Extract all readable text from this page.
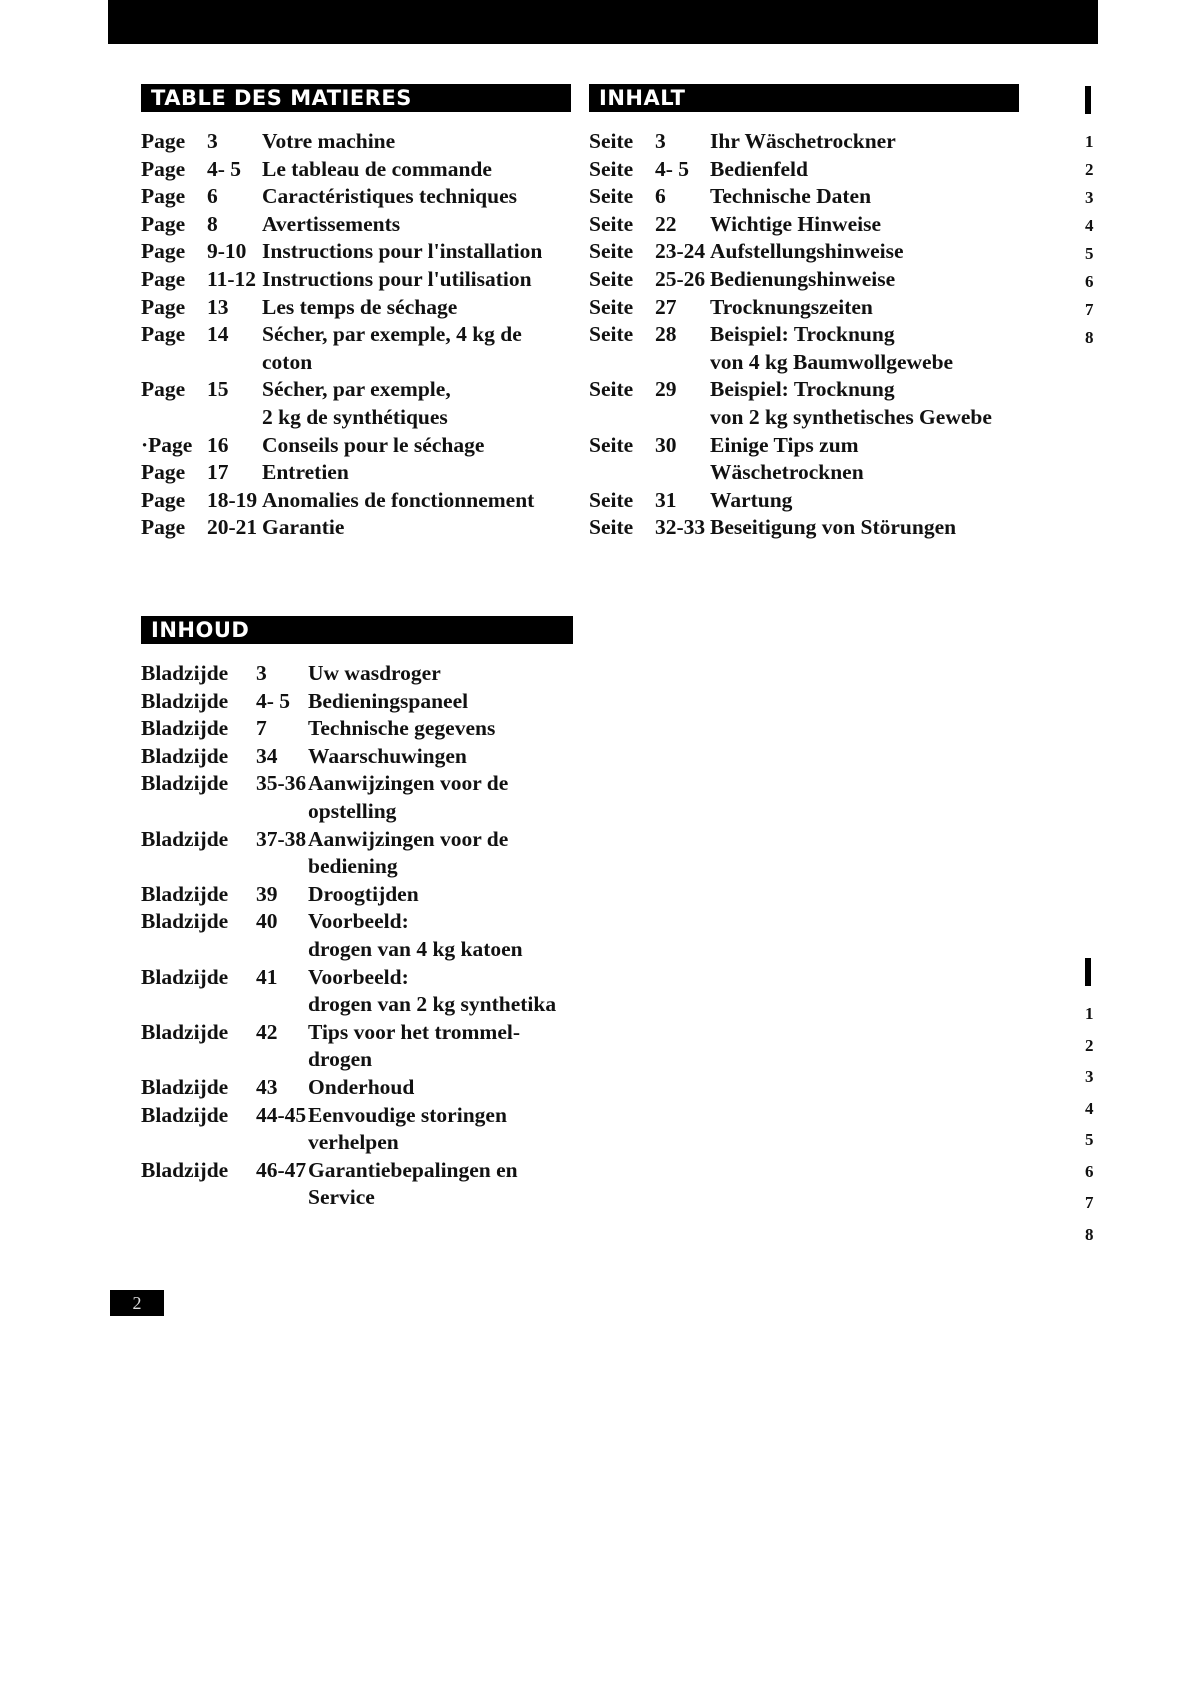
TABLE DES MATIERES
Page	3	Votre machine
Page	4- 5 Le tableau de commande
Page	6	Caractéristiques techniques
Page	8	Avertissements
Page	9-10 Instructions pour l'installation
Page	11-12 Instructions pour l'utilisation
Page	13	Les temps de séchage
Page	14	Sécher, par exemple, 4 kg de
coton
Page	15	Sécher, par exemple,
2 kg de synthétiques
·Page 16	Conseils pour le séchage
Page	17	Entretien
Page	18-19 Anomalies de fonctionnement
Page	20-21 Garantie
INHALT
Seite	3	Ihr Wäschetrockner
Seite	4- 5 Bedienfeld
Seite	6	Technische Daten
Seite	22	Wichtige Hinweise
Seite	23-24 Aufstellungshinweise
Seite	25-26 Bedienungshinweise
Seite	27	Trocknungszeiten
Seite	28	Beispiel: Trocknung
von 4 kg Baumwollgewebe
Seite	29	Beispiel: Trocknung
von 2 kg synthetisches Gewebe
Seite	30	Einige Tips zum
Wäschetrocknen
Seite	31	Wartung
Seite	32-33 Beseitigung von Störungen
INHOUD
Bladzijde	3	Uw wasdroger
Bladzijde	4- 5 Bedieningspaneel
Bladzijde	7	Technische gegevens
Bladzijde	34	Waarschuwingen
Bladzijde	35-36 Aanwijzingen voor de
opstelling
Bladzijde	37-38 Aanwijzingen voor de
bediening
Bladzijde	39	Droogtijden
Bladzijde	40	Voorbeeld:
drogen van 4 kg katoen
Bladzijde	41	Voorbeeld:
drogen van 2 kg synthetika
Bladzijde	42	Tips voor het trommel-
drogen
Bladzijde	43	Onderhoud
Bladzijde	44-45 Eenvoudige storingen
verhelpen
Bladzijde	46-47 Garantiebepalingen en
Service
1
2
3
4
5
6
7
8
1
2
3
4
5
6
7
8
2
